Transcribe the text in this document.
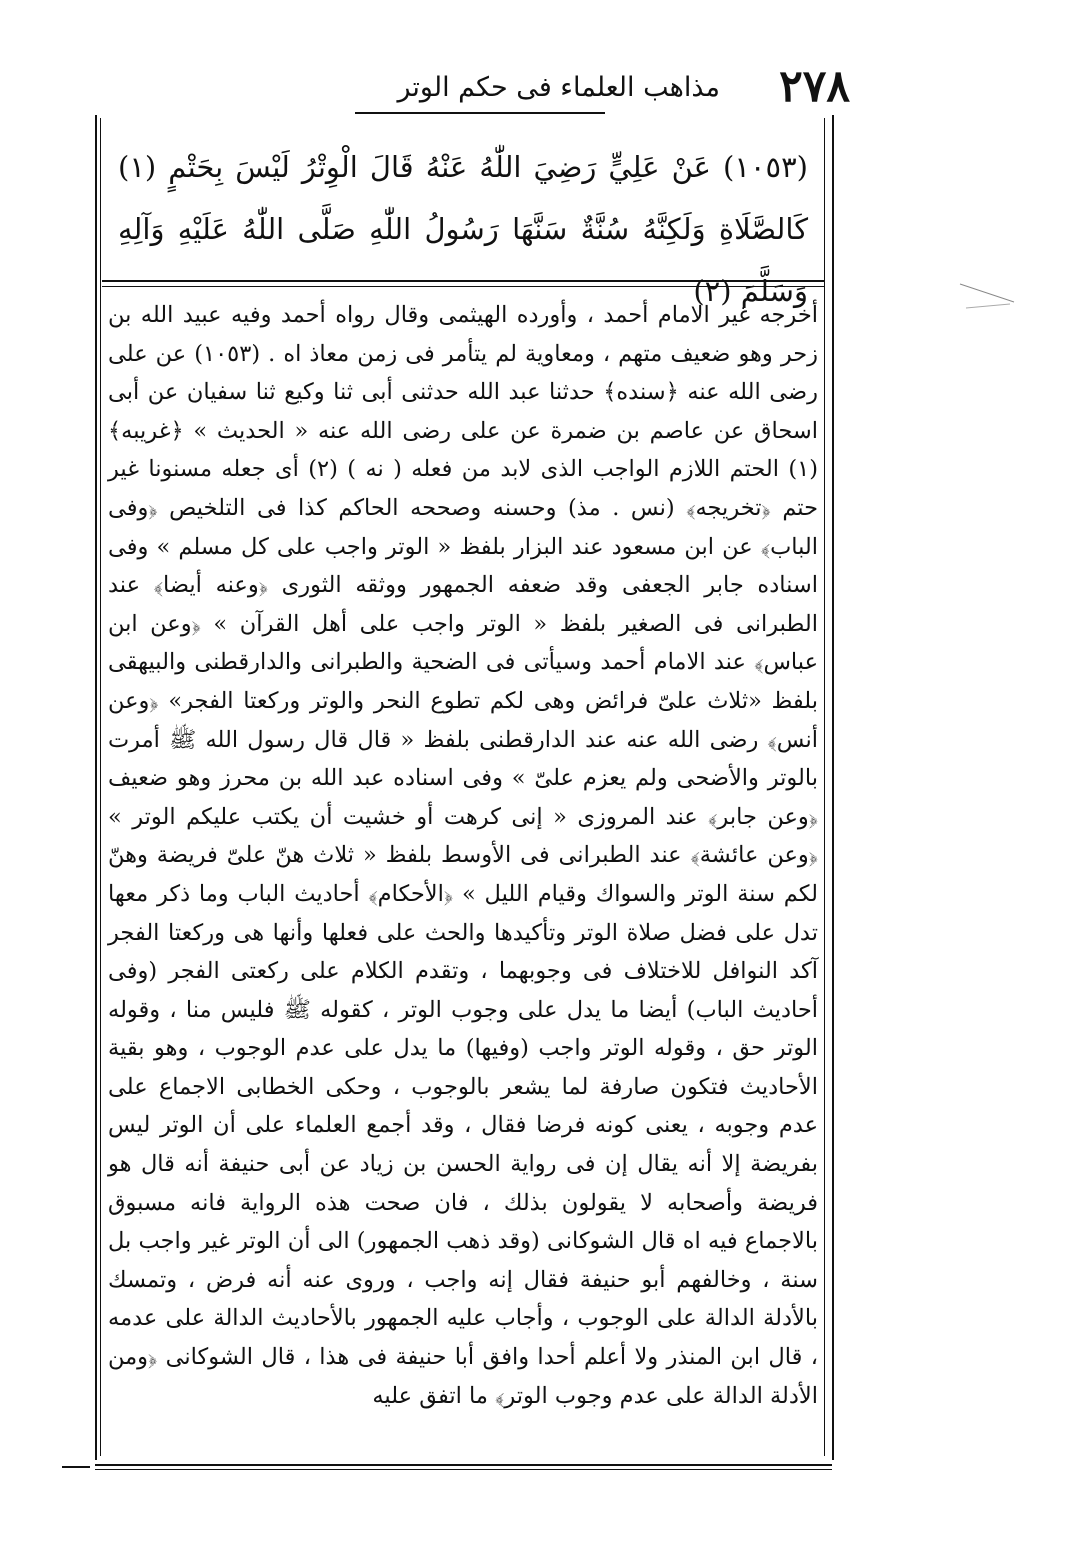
٢٧٨
مذاهب العلماء فى حكم الوتر

(١٠٥٣) عَنْ عَلِيٍّ رَضِيَ اللّٰهُ عَنْهُ قَالَ الْوِتْرُ لَيْسَ بِحَتْمٍ (١) كَالصَّلَاةِ وَلَكِنَّهُ سُنَّةٌ سَنَّهَا رَسُولُ اللّٰهِ صَلَّى اللّٰهُ عَلَيْهِ وَآلِهِ وَسَلَّمَ (٢)

أخرجه غير الامام أحمد ، وأورده الهيثمى وقال رواه أحمد وفيه عبيد الله بن زحر وهو ضعيف متهم ، ومعاوية لم يتأمر فى زمن معاذ اه . (١٠٥٣) عن على رضى الله عنه ﴿سنده﴾ حدثنا عبد الله حدثنى أبى ثنا وكيع ثنا سفيان عن أبى اسحاق عن عاصم بن ضمرة عن على رضى الله عنه « الحديث » ﴿غريبه﴾ (١) الحتم اللازم الواجب الذى لابد من فعله ( نه ) (٢) أى جعله مسنونا غير حتم ﴿تخريجه﴾ (نس . مذ) وحسنه وصححه الحاكم كذا فى التلخيص ﴿وفى الباب﴾ عن ابن مسعود عند البزار بلفظ « الوتر واجب على كل مسلم » وفى اسناده جابر الجعفى وقد ضعفه الجمهور ووثقه الثورى ﴿وعنه أيضا﴾ عند الطبرانى فى الصغير بلفظ « الوتر واجب على أهل القرآن » ﴿وعن ابن عباس﴾ عند الامام أحمد وسيأتى فى الضحية والطبرانى والدارقطنى والبيهقى بلفظ «ثلاث علىّ فرائض وهى لكم تطوع النحر والوتر وركعتا الفجر» ﴿وعن أنس﴾ رضى الله عنه عند الدارقطنى بلفظ « قال قال رسول الله ﷺ أمرت بالوتر والأضحى ولم يعزم علىّ » وفى اسناده عبد الله بن محرز وهو ضعيف ﴿وعن جابر﴾ عند المروزى « إنى كرهت أو خشيت أن يكتب عليكم الوتر » ﴿وعن عائشة﴾ عند الطبرانى فى الأوسط بلفظ « ثلاث هنّ علىّ فريضة وهنّ لكم سنة الوتر والسواك وقيام الليل » ﴿الأحكام﴾ أحاديث الباب وما ذكر معها تدل على فضل صلاة الوتر وتأكيدها والحث على فعلها وأنها هى وركعتا الفجر آكد النوافل للاختلاف فى وجوبهما ، وتقدم الكلام على ركعتى الفجر (وفى أحاديث الباب) أيضا ما يدل على وجوب الوتر ، كقوله ﷺ فليس منا ، وقوله الوتر حق ، وقوله الوتر واجب (وفيها) ما يدل على عدم الوجوب ، وهو بقية الأحاديث فتكون صارفة لما يشعر بالوجوب ، وحكى الخطابى الاجماع على عدم وجوبه ، يعنى كونه فرضا فقال ، وقد أجمع العلماء على أن الوتر ليس بفريضة إلا أنه يقال إن فى رواية الحسن بن زياد عن أبى حنيفة أنه قال هو فريضة وأصحابه لا يقولون بذلك ، فان صحت هذه الرواية فانه مسبوق بالاجماع فيه اه قال الشوكانى (وقد ذهب الجمهور) الى أن الوتر غير واجب بل سنة ، وخالفهم أبو حنيفة فقال إنه واجب ، وروى عنه أنه فرض ، وتمسك بالأدلة الدالة على الوجوب ، وأجاب عليه الجمهور بالأحاديث الدالة على عدمه ، قال ابن المنذر ولا أعلم أحدا وافق أبا حنيفة فى هذا ، قال الشوكانى ﴿ومن الأدلة الدالة على عدم وجوب الوتر﴾ ما اتفق عليه
